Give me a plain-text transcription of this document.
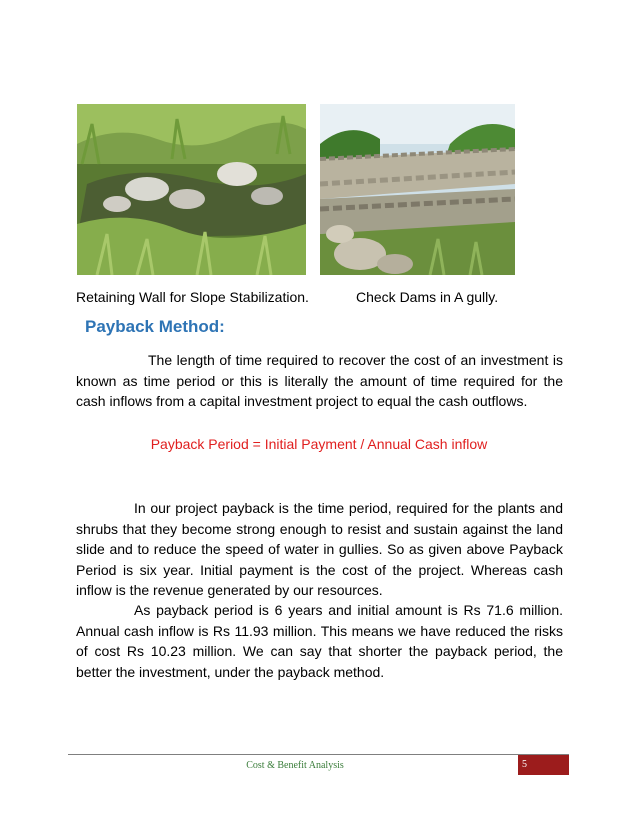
Retaining Wall for Slope Stabilization.	Check Dams in A gully.
Payback Method:

The length of time required to recover the cost of an investment is known as time period or this is literally the amount of time required for the cash inflows from a capital investment project to equal the cash outflows.

Payback Period = Initial Payment / Annual Cash inflow

In our project payback is the time period, required for the plants and shrubs that they become strong enough to resist and sustain against the land slide and to reduce the speed of water in gullies. So as given above Payback Period is six year. Initial payment is the cost of the project. Whereas cash inflow is the revenue generated by our resources.

As payback period is 6 years and initial amount is Rs 71.6 million. Annual cash inflow is Rs 11.93 million. This means we have reduced the risks of cost Rs 10.23 million. We can say that shorter the payback period, the better the investment, under the payback method.

Cost & Benefit Analysis	5
